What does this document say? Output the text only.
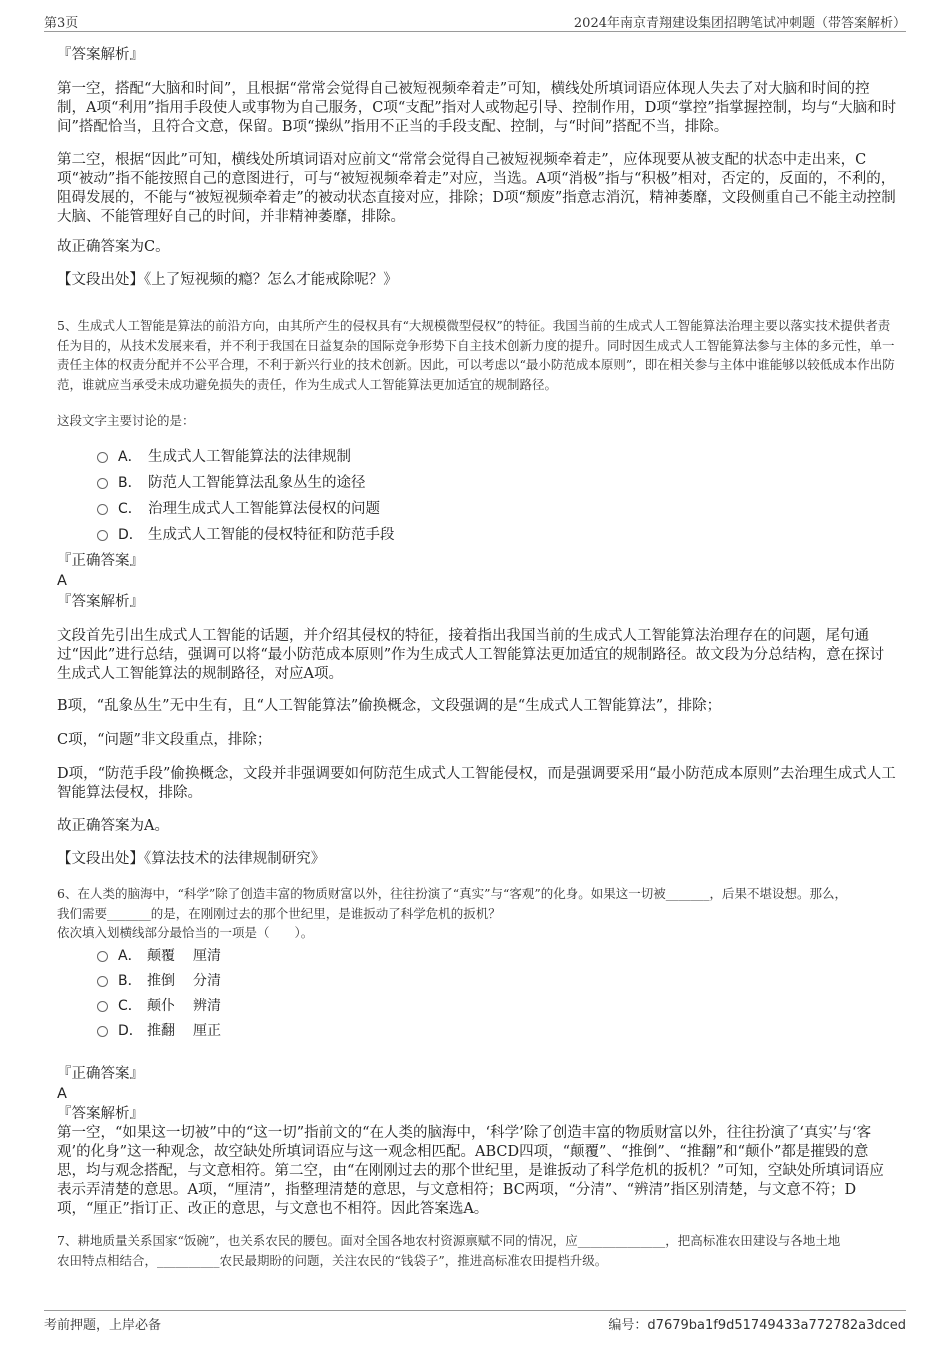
第3页	2024年南京青翔建设集团招聘笔试冲刺题（带答案解析）

『答案解析』

第一空，搭配“大脑和时间”，且根据“常常会觉得自己被短视频牵着走”可知，横线处所填词语应体现人失去了对大脑和时间的控制，A项“利用”指用手段使人或事物为自己服务，C项“支配”指对人或物起引导、控制作用，D项“掌控”指掌握控制，均与“大脑和时间”搭配恰当，且符合文意，保留。B项“操纵”指用不正当的手段支配、控制，与“时间”搭配不当，排除。

第二空，根据“因此”可知，横线处所填词语对应前文“常常会觉得自己被短视频牵着走”，应体现要从被支配的状态中走出来，C项“被动”指不能按照自己的意图进行，可与“被短视频牵着走”对应，当选。A项“消极”指与“积极”相对，否定的，反面的，不利的，阻碍发展的，不能与“被短视频牵着走”的被动状态直接对应，排除；D项“颓废”指意志消沉，精神萎靡，文段侧重自己不能主动控制大脑、不能管理好自己的时间，并非精神萎靡，排除。

故正确答案为C。

【文段出处】《上了短视频的瘾？怎么才能戒除呢？》

5、生成式人工智能是算法的前沿方向，由其所产生的侵权具有“大规模微型侵权”的特征。我国当前的生成式人工智能算法治理主要以落实技术提供者责任为目的，从技术发展来看，并不利于我国在日益复杂的国际竞争形势下自主技术创新力度的提升。同时因生成式人工智能算法参与主体的多元性，单一责任主体的权责分配并不公平合理，不利于新兴行业的技术创新。因此，可以考虑以“最小防范成本原则”，即在相关参与主体中谁能够以较低成本作出防范，谁就应当承受未成功避免损失的责任，作为生成式人工智能算法更加适宜的规制路径。

这段文字主要讨论的是：

A． 生成式人工智能算法的法律规制
B． 防范人工智能算法乱象丛生的途径
C． 治理生成式人工智能算法侵权的问题
D． 生成式人工智能的侵权特征和防范手段

『正确答案』

A

『答案解析』

文段首先引出生成式人工智能的话题，并介绍其侵权的特征，接着指出我国当前的生成式人工智能算法治理存在的问题，尾句通过“因此”进行总结，强调可以将“最小防范成本原则”作为生成式人工智能算法更加适宜的规制路径。故文段为分总结构，意在探讨生成式人工智能算法的规制路径，对应A项。

B项，“乱象丛生”无中生有，且“人工智能算法”偷换概念，文段强调的是“生成式人工智能算法”，排除；

C项，“问题”非文段重点，排除；

D项，“防范手段”偷换概念，文段并非强调要如何防范生成式人工智能侵权，而是强调要采用“最小防范成本原则”去治理生成式人工智能算法侵权，排除。

故正确答案为A。

【文段出处】《算法技术的法律规制研究》

6、在人类的脑海中，“科学”除了创造丰富的物质财富以外，往往扮演了“真实”与“客观”的化身。如果这一切被_______，后果不堪设想。那么，

我们需要_______的是，在刚刚过去的那个世纪里，是谁扳动了科学危机的扳机？

依次填入划横线部分最恰当的一项是（　　）。

A． 颠覆 厘清
B． 推倒 分清
C． 颠仆 辨清
D． 推翻 厘正

『正确答案』

A

『答案解析』

第一空，“如果这一切被”中的“这一切”指前文的“在人类的脑海中，‘科学’除了创造丰富的物质财富以外，往往扮演了‘真实’与‘客观’的化身”这一种观念，故空缺处所填词语应与这一观念相匹配。ABCD四项，“颠覆”、“推倒”、“推翻”和“颠仆”都是摧毁的意思，均与观念搭配，与文意相符。第二空，由“在刚刚过去的那个世纪里，是谁扳动了科学危机的扳机？”可知，空缺处所填词语应表示弄清楚的意思。A项，“厘清”，指整理清楚的意思，与文意相符；BC两项，“分清”、“辨清”指区别清楚，与文意不符；D项，“厘正”指订正、改正的意思，与文意也不相符。因此答案选A。

7、耕地质量关系国家“饭碗”，也关系农民的腰包。面对全国各地农村资源禀赋不同的情况，应______________，把高标准农田建设与各地土地

农田特点相结合，__________农民最期盼的问题，关注农民的“钱袋子”，推进高标准农田提档升级。

考前押题，上岸必备	编号：d7679ba1f9d51749433a772782a3dced
